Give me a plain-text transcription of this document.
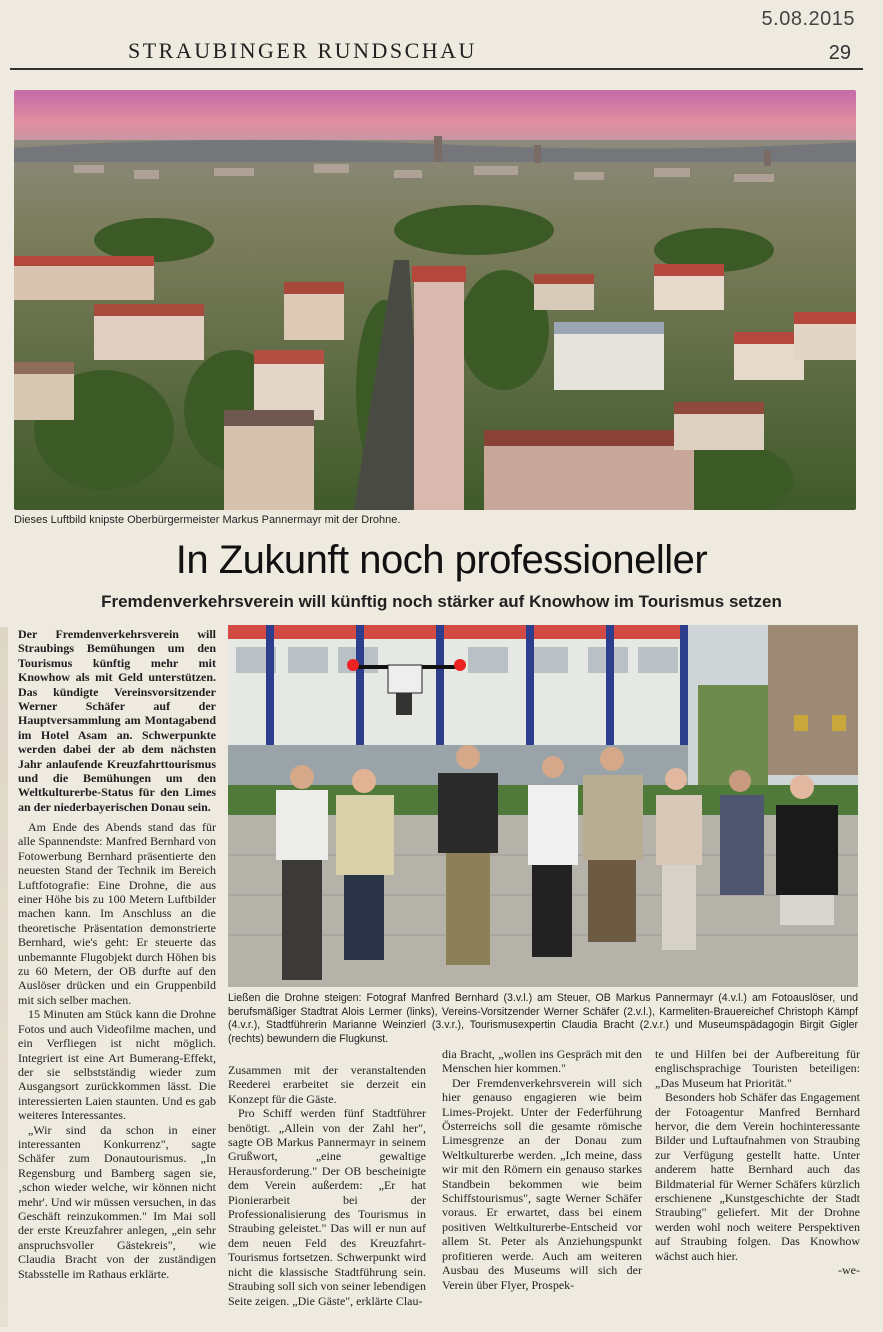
5.08.2015
STRAUBINGER RUNDSCHAU	29
Dieses Luftbild knipste Oberbürgermeister Markus Pannermayr mit der Drohne.
In Zukunft noch professioneller
Fremdenverkehrsverein will künftig noch stärker auf Knowhow im Tourismus setzen
Der Fremdenverkehrsverein will Straubings Bemühungen um den Tourismus künftig mehr mit Knowhow als mit Geld unterstützen. Das kündigte Vereinsvorsitzender Werner Schäfer auf der Hauptversammlung am Montagabend im Hotel Asam an. Schwerpunkte werden dabei der ab dem nächsten Jahr anlaufende Kreuzfahrttourismus und die Bemühungen um den Weltkulturerbe-Status für den Limes an der niederbayerischen Donau sein.

Am Ende des Abends stand das für alle Spannendste: Manfred Bernhard von Fotowerbung Bernhard präsentierte den neuesten Stand der Technik im Bereich Luftfotografie: Eine Drohne, die aus einer Höhe bis zu 100 Metern Luftbilder machen kann. Im Anschluss an die theoretische Präsentation demonstrierte Bernhard, wie's geht: Er steuerte das unbemannte Flugobjekt durch Höhen bis zu 60 Metern, der OB durfte auf den Auslöser drücken und ein Gruppenbild mit sich selber machen.

15 Minuten am Stück kann die Drohne Fotos und auch Videofilme machen, und ein Verfliegen ist nicht möglich. Integriert ist eine Art Bumerang-Effekt, der sie selbstständig wieder zum Ausgangsort zurückkommen lässt. Die interessierten Laien staunten. Und es gab weiteres Interessantes.

„Wir sind da schon in einer interessanten Konkurrenz", sagte Schäfer zum Donautourismus. „In Regensburg und Bamberg sagen sie, ‚schon wieder welche, wir können nicht mehr'. Und wir müssen versuchen, in das Geschäft reinzukommen." Im Mai soll der erste Kreuzfahrer anlegen, „ein sehr anspruchsvoller Gästekreis", wie Claudia Bracht von der zuständigen Stabsstelle im Rathaus erklärte.

Ließen die Drohne steigen: Fotograf Manfred Bernhard (3.v.l.) am Steuer, OB Markus Pannermayr (4.v.l.) am Fotoauslöser, und berufsmäßiger Stadtrat Alois Lermer (links), Vereins-Vorsitzender Werner Schäfer (2.v.l.), Karmeliten-Brauereichef Christoph Kämpf (4.v.r.), Stadtführerin Marianne Weinzierl (3.v.r.), Tourismusexpertin Claudia Bracht (2.v.r.) und Museumspädagogin Birgit Gigler (rechts) bewundern die Flugkunst.

Zusammen mit der veranstaltenden Reederei erarbeitet sie derzeit ein Konzept für die Gäste.

Pro Schiff werden fünf Stadtführer benötigt. „Allein von der Zahl her", sagte OB Markus Pannermayr in seinem Grußwort, „eine gewaltige Herausforderung." Der OB bescheinigte dem Verein außerdem: „Er hat Pionierarbeit bei der Professionalisierung des Tourismus in Straubing geleistet." Das will er nun auf dem neuen Feld des Kreuzfahrt-Tourismus fortsetzen. Schwerpunkt wird nicht die klassische Stadtführung sein. Straubing soll sich von seiner lebendigen Seite zeigen. „Die Gäste", erklärte Clau-

dia Bracht, „wollen ins Gespräch mit den Menschen hier kommen."

Der Fremdenverkehrsverein will sich hier genauso engagieren wie beim Limes-Projekt. Unter der Federführung Österreichs soll die gesamte römische Limesgrenze an der Donau zum Weltkulturerbe werden. „Ich meine, dass wir mit den Römern ein genauso starkes Standbein bekommen wie beim Schiffstourismus", sagte Werner Schäfer voraus. Er erwartet, dass bei einem positiven Weltkulturerbe-Entscheid vor allem St. Peter als Anziehungspunkt profitieren werde. Auch am weiteren Ausbau des Museums will sich der Verein über Flyer, Prospek-

te und Hilfen bei der Aufbereitung für englischsprachige Touristen beteiligen: „Das Museum hat Priorität."

Besonders hob Schäfer das Engagement der Fotoagentur Manfred Bernhard hervor, die dem Verein hochinteressante Bilder und Luftaufnahmen von Straubing zur Verfügung gestellt hatte. Unter anderem hatte Bernhard auch das Bildmaterial für Werner Schäfers kürzlich erschienene „Kunstgeschichte der Stadt Straubing" geliefert. Mit der Drohne werden wohl noch weitere Perspektiven auf Straubing folgen. Das Knowhow wächst auch hier.

-we-
